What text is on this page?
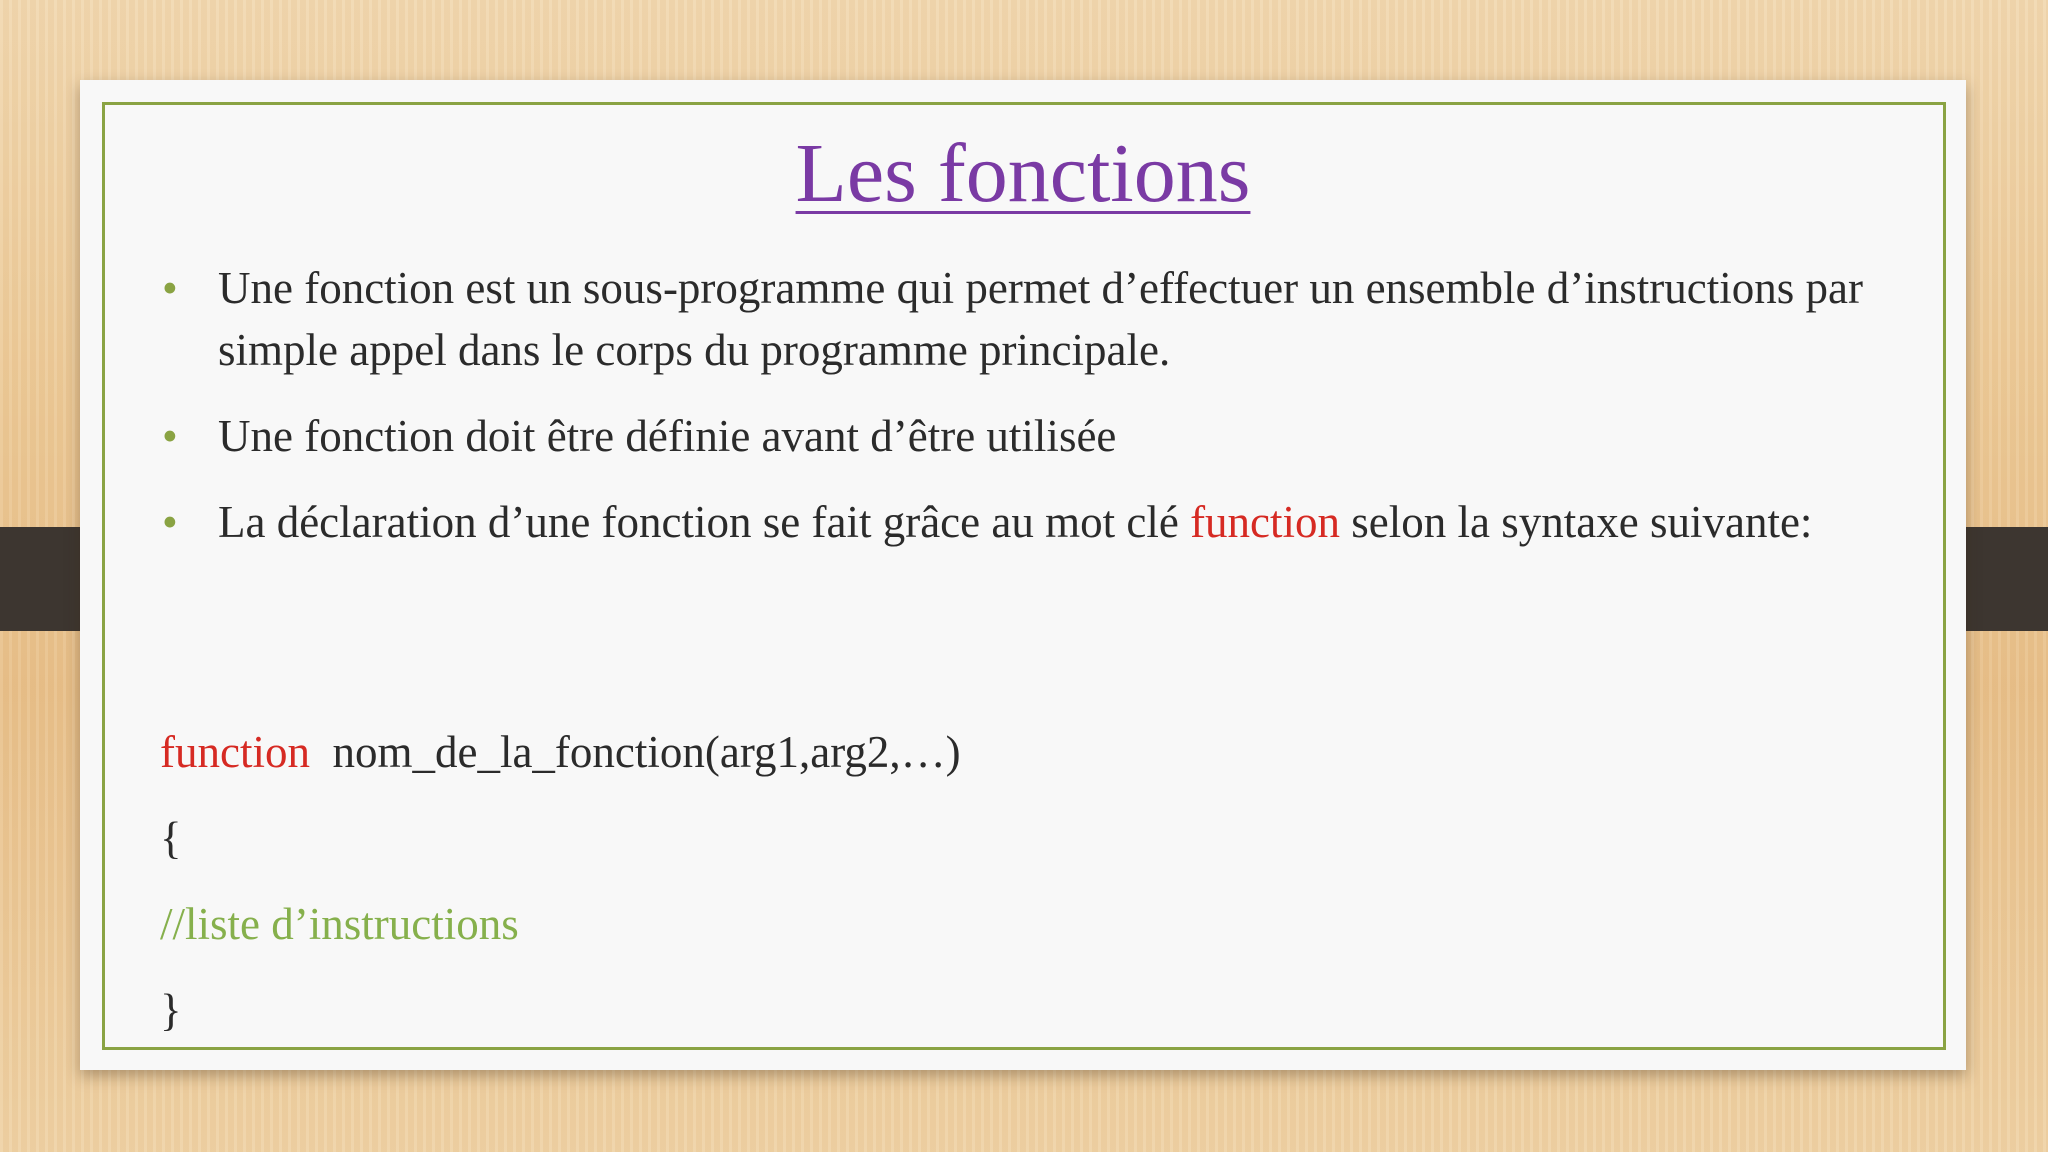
Les fonctions
• Une fonction est un sous-programme qui permet d’effectuer un ensemble d’instructions par simple appel dans le corps du programme principale.
• Une fonction doit être définie avant d’être utilisée
• La déclaration d’une fonction se fait grâce au mot clé function selon la syntaxe suivante:
function  nom_de_la_fonction(arg1,arg2,…)
{
//liste d’instructions
}
